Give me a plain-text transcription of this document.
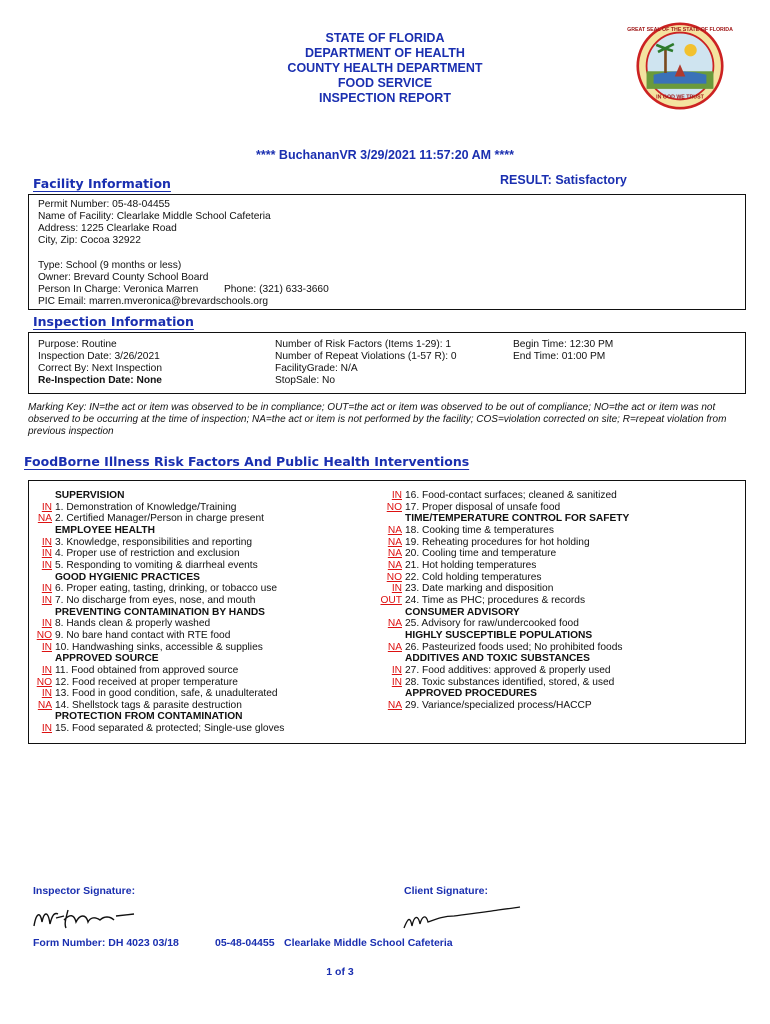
STATE OF FLORIDA
DEPARTMENT OF HEALTH
COUNTY HEALTH DEPARTMENT
FOOD SERVICE
INSPECTION REPORT
GREAT SEAL OF THE STATE OF FLORIDA
IN GOD WE TRUST
**** BuchananVR 3/29/2021 11:57:20 AM ****
Facility Information	RESULT: Satisfactory
Permit Number: 05-48-04455
Name of Facility: Clearlake Middle School Cafeteria
Address: 1225 Clearlake Road
City, Zip: Cocoa 32922
Type: School (9 months or less)
Owner: Brevard County School Board
Person In Charge: Veronica Marren	Phone: (321) 633-3660
PIC Email: marren.mveronica@brevardschools.org
Inspection Information
Purpose: Routine
Inspection Date: 3/26/2021
Correct By: Next Inspection
Re-Inspection Date: None
Number of Risk Factors (Items 1-29): 1
Number of Repeat Violations (1-57 R): 0
FacilityGrade: N/A
StopSale: No
Begin Time: 12:30 PM
End Time: 01:00 PM
Marking Key: IN=the act or item was observed to be in compliance; OUT=the act or item was observed to be out of compliance; NO=the act or item was not observed to be occurring at the time of inspection; NA=the act or item is not performed by the facility; COS=violation corrected on site; R=repeat violation from previous inspection
FoodBorne Illness Risk Factors And Public Health Interventions
SUPERVISION
IN 1. Demonstration of Knowledge/Training
NA 2. Certified Manager/Person in charge present
EMPLOYEE HEALTH
IN 3. Knowledge, responsibilities and reporting
IN 4. Proper use of restriction and exclusion
IN 5. Responding to vomiting & diarrheal events
GOOD HYGIENIC PRACTICES
IN 6. Proper eating, tasting, drinking, or tobacco use
IN 7. No discharge from eyes, nose, and mouth
PREVENTING CONTAMINATION BY HANDS
IN 8. Hands clean & properly washed
NO 9. No bare hand contact with RTE food
IN 10. Handwashing sinks, accessible & supplies
APPROVED SOURCE
IN 11. Food obtained from approved source
NO 12. Food received at proper temperature
IN 13. Food in good condition, safe, & unadulterated
NA 14. Shellstock tags & parasite destruction
PROTECTION FROM CONTAMINATION
IN 15. Food separated & protected; Single-use gloves
IN 16. Food-contact surfaces; cleaned & sanitized
NO 17. Proper disposal of unsafe food
TIME/TEMPERATURE CONTROL FOR SAFETY
NA 18. Cooking time & temperatures
NA 19. Reheating procedures for hot holding
NA 20. Cooling time and temperature
NA 21. Hot holding temperatures
NO 22. Cold holding temperatures
IN 23. Date marking and disposition
OUT 24. Time as PHC; procedures & records
CONSUMER ADVISORY
NA 25. Advisory for raw/undercooked food
HIGHLY SUSCEPTIBLE POPULATIONS
NA 26. Pasteurized foods used; No prohibited foods
ADDITIVES AND TOXIC SUBSTANCES
IN 27. Food additives: approved & properly used
IN 28. Toxic substances identified, stored, & used
APPROVED PROCEDURES
NA 29. Variance/specialized process/HACCP
Inspector Signature:	Client Signature:
Form Number: DH 4023 03/18	05-48-04455 Clearlake Middle School Cafeteria
1 of 3
